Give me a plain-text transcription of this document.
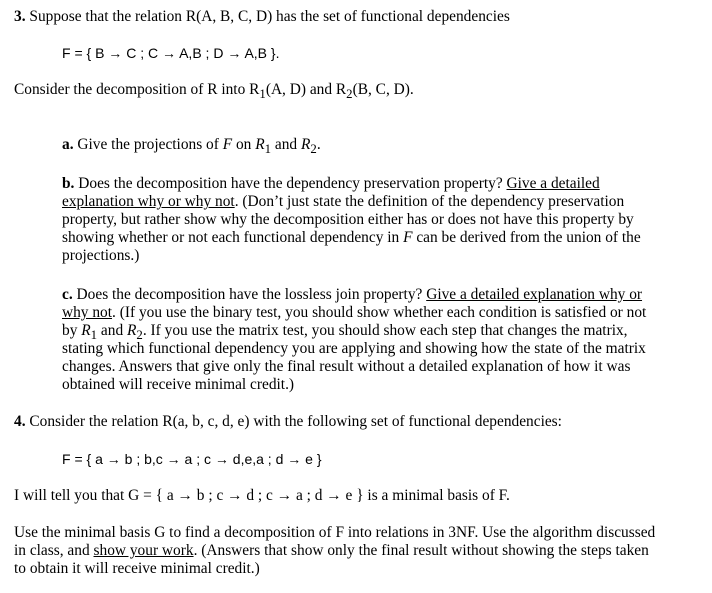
3. Suppose that the relation R(A, B, C, D) has the set of functional dependencies
F = { B → C ; C → A,B ; D → A,B }.
Consider the decomposition of R into $R_1(A$, D) and $R_2(B$, C, D).
a. Give the projections of F on $R_1$ and $R_2$.
b. Does the decomposition have the dependency preservation property? Give a detailed
explanation why or why not. (Don’t just state the definition of the dependency preservation
property, but rather show why the decomposition either has or does not have this property by
showing whether or not each functional dependency in F can be derived from the union of the
projections.)
c. Does the decomposition have the lossless join property? Give a detailed explanation why or
why not. (If you use the binary test, you should show whether each condition is satisfied or not
by $R_1$ and $R_2$. If you use the matrix test, you should show each step that changes the matrix,
stating which functional dependency you are applying and showing how the state of the matrix
changes. Answers that give only the final result without a detailed explanation of how it was
obtained will receive minimal credit.)
4. Consider the relation R(a, b, c, d, e) with the following set of functional dependencies:
F = { a → b ; b,c → a ; c → d,e,a ; d → e }
I will tell you that G = { a → b ; c → d ; c → a ; d → e } is a minimal basis of F.
Use the minimal basis G to find a decomposition of F into relations in 3NF. Use the algorithm discussed
in class, and show your work. (Answers that show only the final result without showing the steps taken
to obtain it will receive minimal credit.)
